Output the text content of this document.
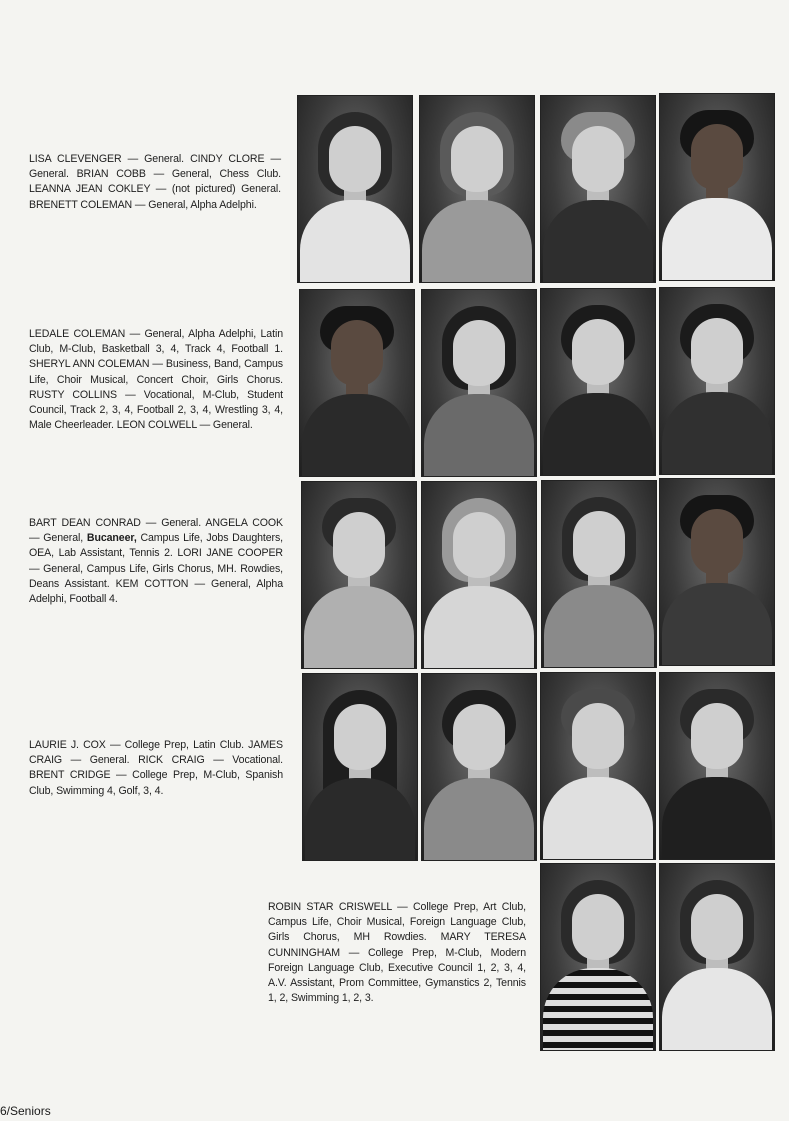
LISA CLEVENGER — General. CINDY CLORE — General. BRIAN COBB — General, Chess Club. LEANNA JEAN COKLEY — (not pictured) General. BRENETT COLEMAN — General, Alpha Adelphi.

LEDALE COLEMAN — General, Alpha Adelphi, Latin Club, M-Club, Basketball 3, 4, Track 4, Football 1. SHERYL ANN COLEMAN — Business, Band, Campus Life, Choir Musical, Concert Choir, Girls Chorus. RUSTY COLLINS — Vocational, M-Club, Student Council, Track 2, 3, 4, Football 2, 3, 4, Wrestling 3, 4, Male Cheerleader. LEON COLWELL — General.

BART DEAN CONRAD — General. ANGELA COOK — General, Bucaneer, Campus Life, Jobs Daughters, OEA, Lab Assistant, Tennis 2. LORI JANE COOPER — General, Campus Life, Girls Chorus, MH. Rowdies, Deans Assistant. KEM COTTON — General, Alpha Adelphi, Football 4.

LAURIE J. COX — College Prep, Latin Club. JAMES CRAIG — General. RICK CRAIG — Vocational. BRENT CRIDGE — College Prep, M-Club, Spanish Club, Swimming 4, Golf, 3, 4.

ROBIN STAR CRISWELL — College Prep, Art Club, Campus Life, Choir Musical, Foreign Language Club, Girls Chorus, MH Rowdies. MARY TERESA CUNNINGHAM — College Prep, M-Club, Modern Foreign Language Club, Executive Council 1, 2, 3, 4, A.V. Assistant, Prom Committee, Gymanstics 2, Tennis 1, 2, Swimming 1, 2, 3.

6/Seniors
